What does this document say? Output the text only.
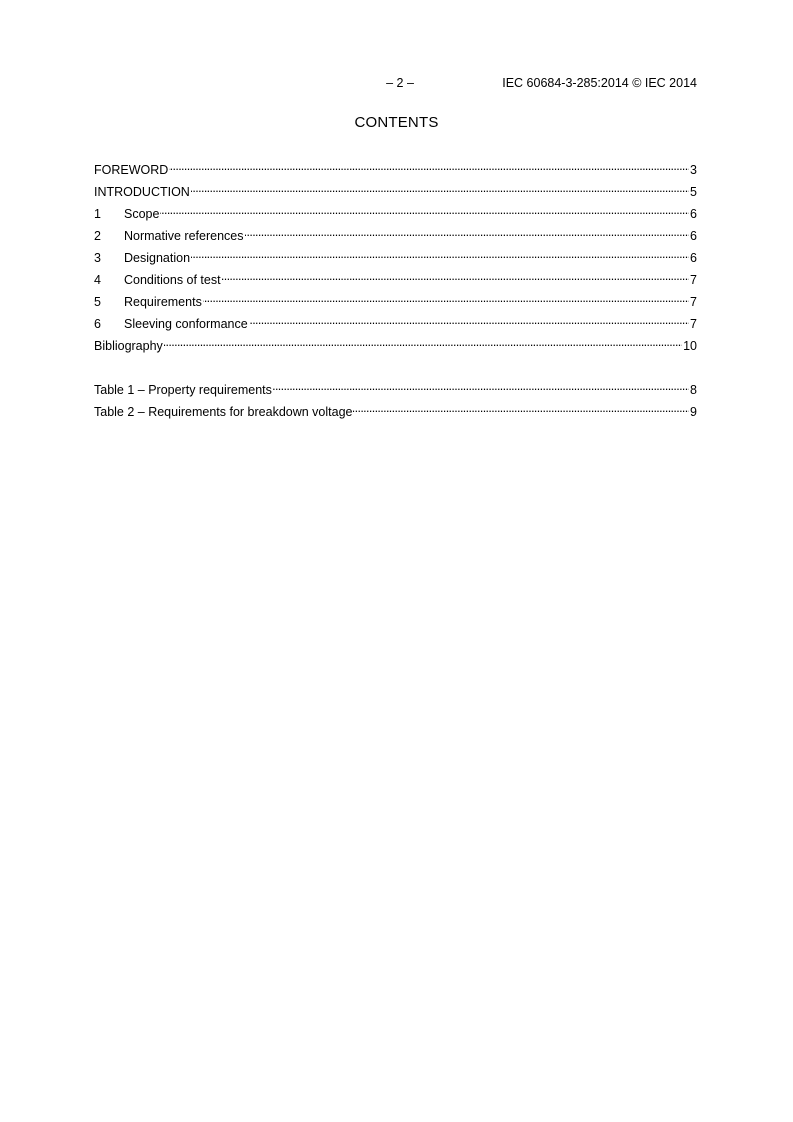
– 2 –	IEC 60684-3-285:2014 © IEC 2014
CONTENTS
FOREWORD . . .	3
INTRODUCTION . . .	5
1	Scope . . .	6
2	Normative references . . .	6
3	Designation . . .	6
4	Conditions of test . . .	7
5	Requirements . . .	7
6	Sleeving conformance . . .	7
Bibliography . . .	10
Table 1 – Property requirements . . .	8
Table 2 – Requirements for breakdown voltage . . .	9
